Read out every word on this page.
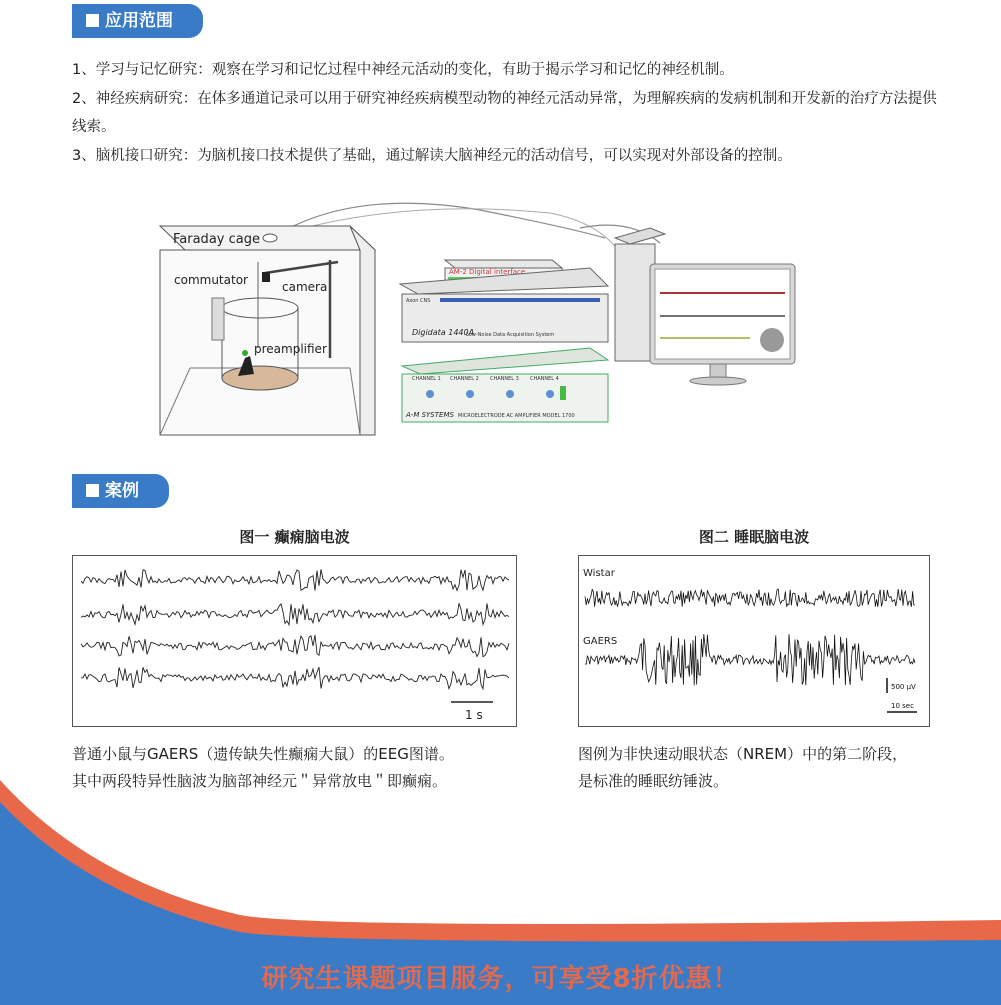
应用范围

1、学习与记忆研究：观察在学习和记忆过程中神经元活动的变化，有助于揭示学习和记忆的神经机制。

2、神经疾病研究：在体多通道记录可以用于研究神经疾病模型动物的神经元活动异常，为理解疾病的发病机制和开发新的治疗方法提供线索。

3、脑机接口研究：为脑机接口技术提供了基础，通过解读大脑神经元的活动信号，可以实现对外部设备的控制。

Faraday cage
commutator	camera
preamplifier
AM-2 Digital interface
Axon CNS
Digidata 1440A
Low-Noise Data Acquisition System
CHANNEL 1 CHANNEL 2 CHANNEL 3 CHANNEL 4
A-M SYSTEMS MICROELECTRODE AC AMPLIFIER MODEL 1700
案例
图一 癫痫脑电波	图二 睡眠脑电波
1 s
Wistar
GAERS
500 μV
10 sec

普通小鼠与GAERS（遗传缺失性癫痫大鼠）的EEG图谱。
其中两段特异性脑波为脑部神经元＂异常放电＂即癫痫。

图例为非快速动眼状态（NREM）中的第二阶段，
是标准的睡眠纺锤波。

研究生课题项目服务，可享受8折优惠！
